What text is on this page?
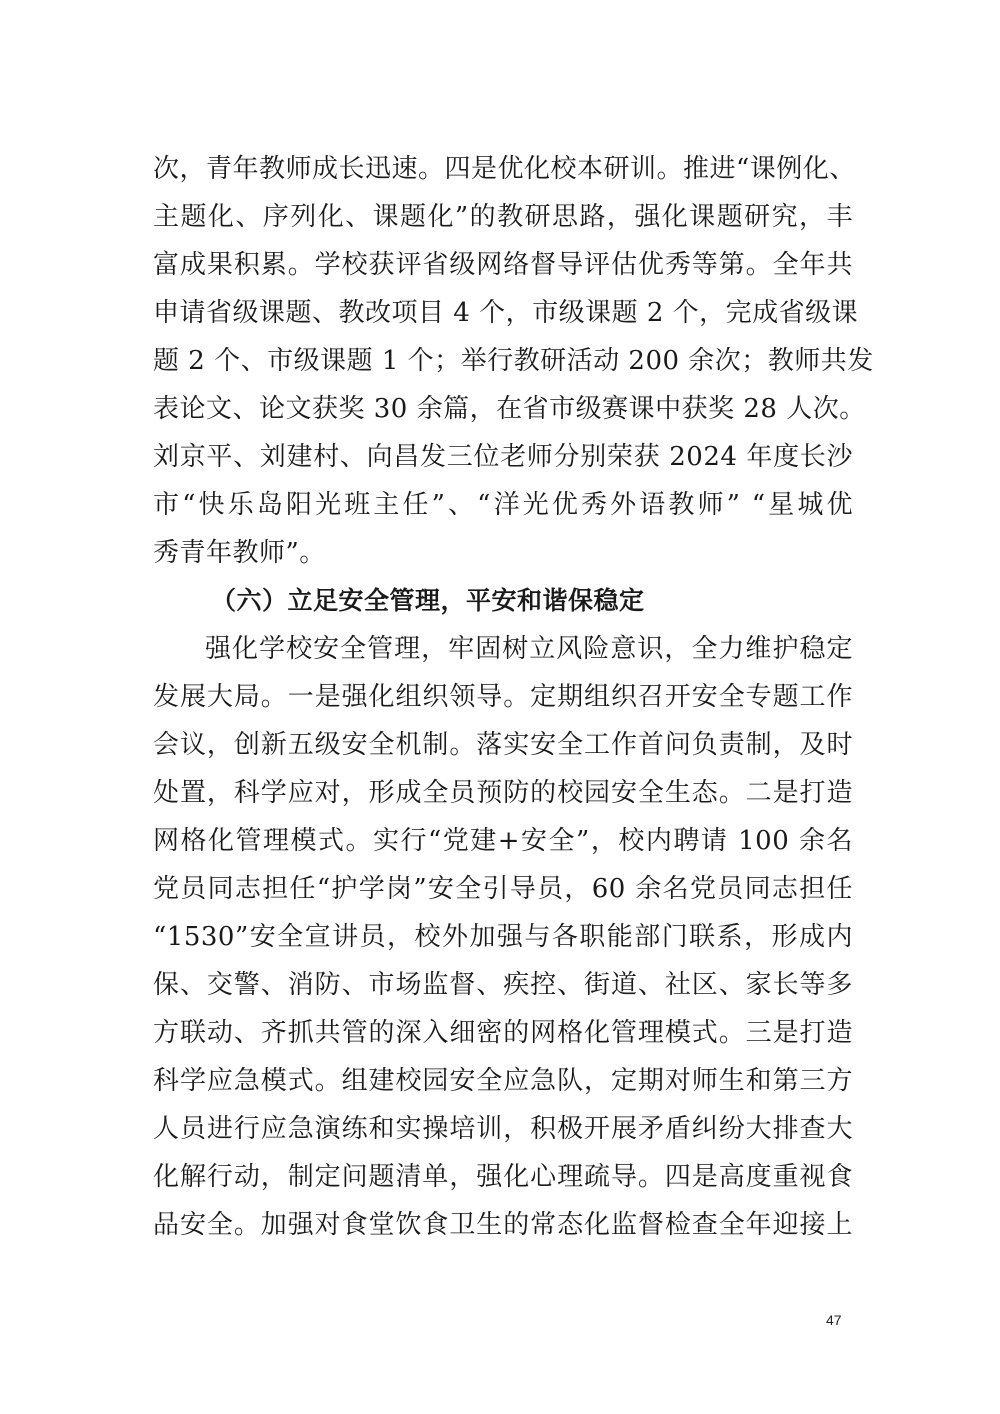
次，青年教师成长迅速。四是优化校本研训。推进“课例化、
主题化、序列化、课题化”的教研思路，强化课题研究，丰
富成果积累。学校获评省级网络督导评估优秀等第。全年共
申请省级课题、教改项目 4 个，市级课题 2 个，完成省级课
题 2 个、市级课题 1 个；举行教研活动 200 余次；教师共发
表论文、论文获奖 30 余篇，在省市级赛课中获奖 28 人次。
刘京平、刘建村、向昌发三位老师分别荣获 2024 年度长沙
市“快乐岛阳光班主任”、“洋光优秀外语教师” “星城优
秀青年教师”。
（六）立足安全管理，平安和谐保稳定
强化学校安全管理，牢固树立风险意识，全力维护稳定
发展大局。一是强化组织领导。定期组织召开安全专题工作
会议，创新五级安全机制。落实安全工作首问负责制，及时
处置，科学应对，形成全员预防的校园安全生态。二是打造
网格化管理模式。实行“党建+安全”，校内聘请 100 余名
党员同志担任“护学岗”安全引导员，60 余名党员同志担任
“1530”安全宣讲员，校外加强与各职能部门联系，形成内
保、交警、消防、市场监督、疾控、街道、社区、家长等多
方联动、齐抓共管的深入细密的网格化管理模式。三是打造
科学应急模式。组建校园安全应急队，定期对师生和第三方
人员进行应急演练和实操培训，积极开展矛盾纠纷大排查大
化解行动，制定问题清单，强化心理疏导。四是高度重视食
品安全。加强对食堂饮食卫生的常态化监督检查全年迎接上
47
